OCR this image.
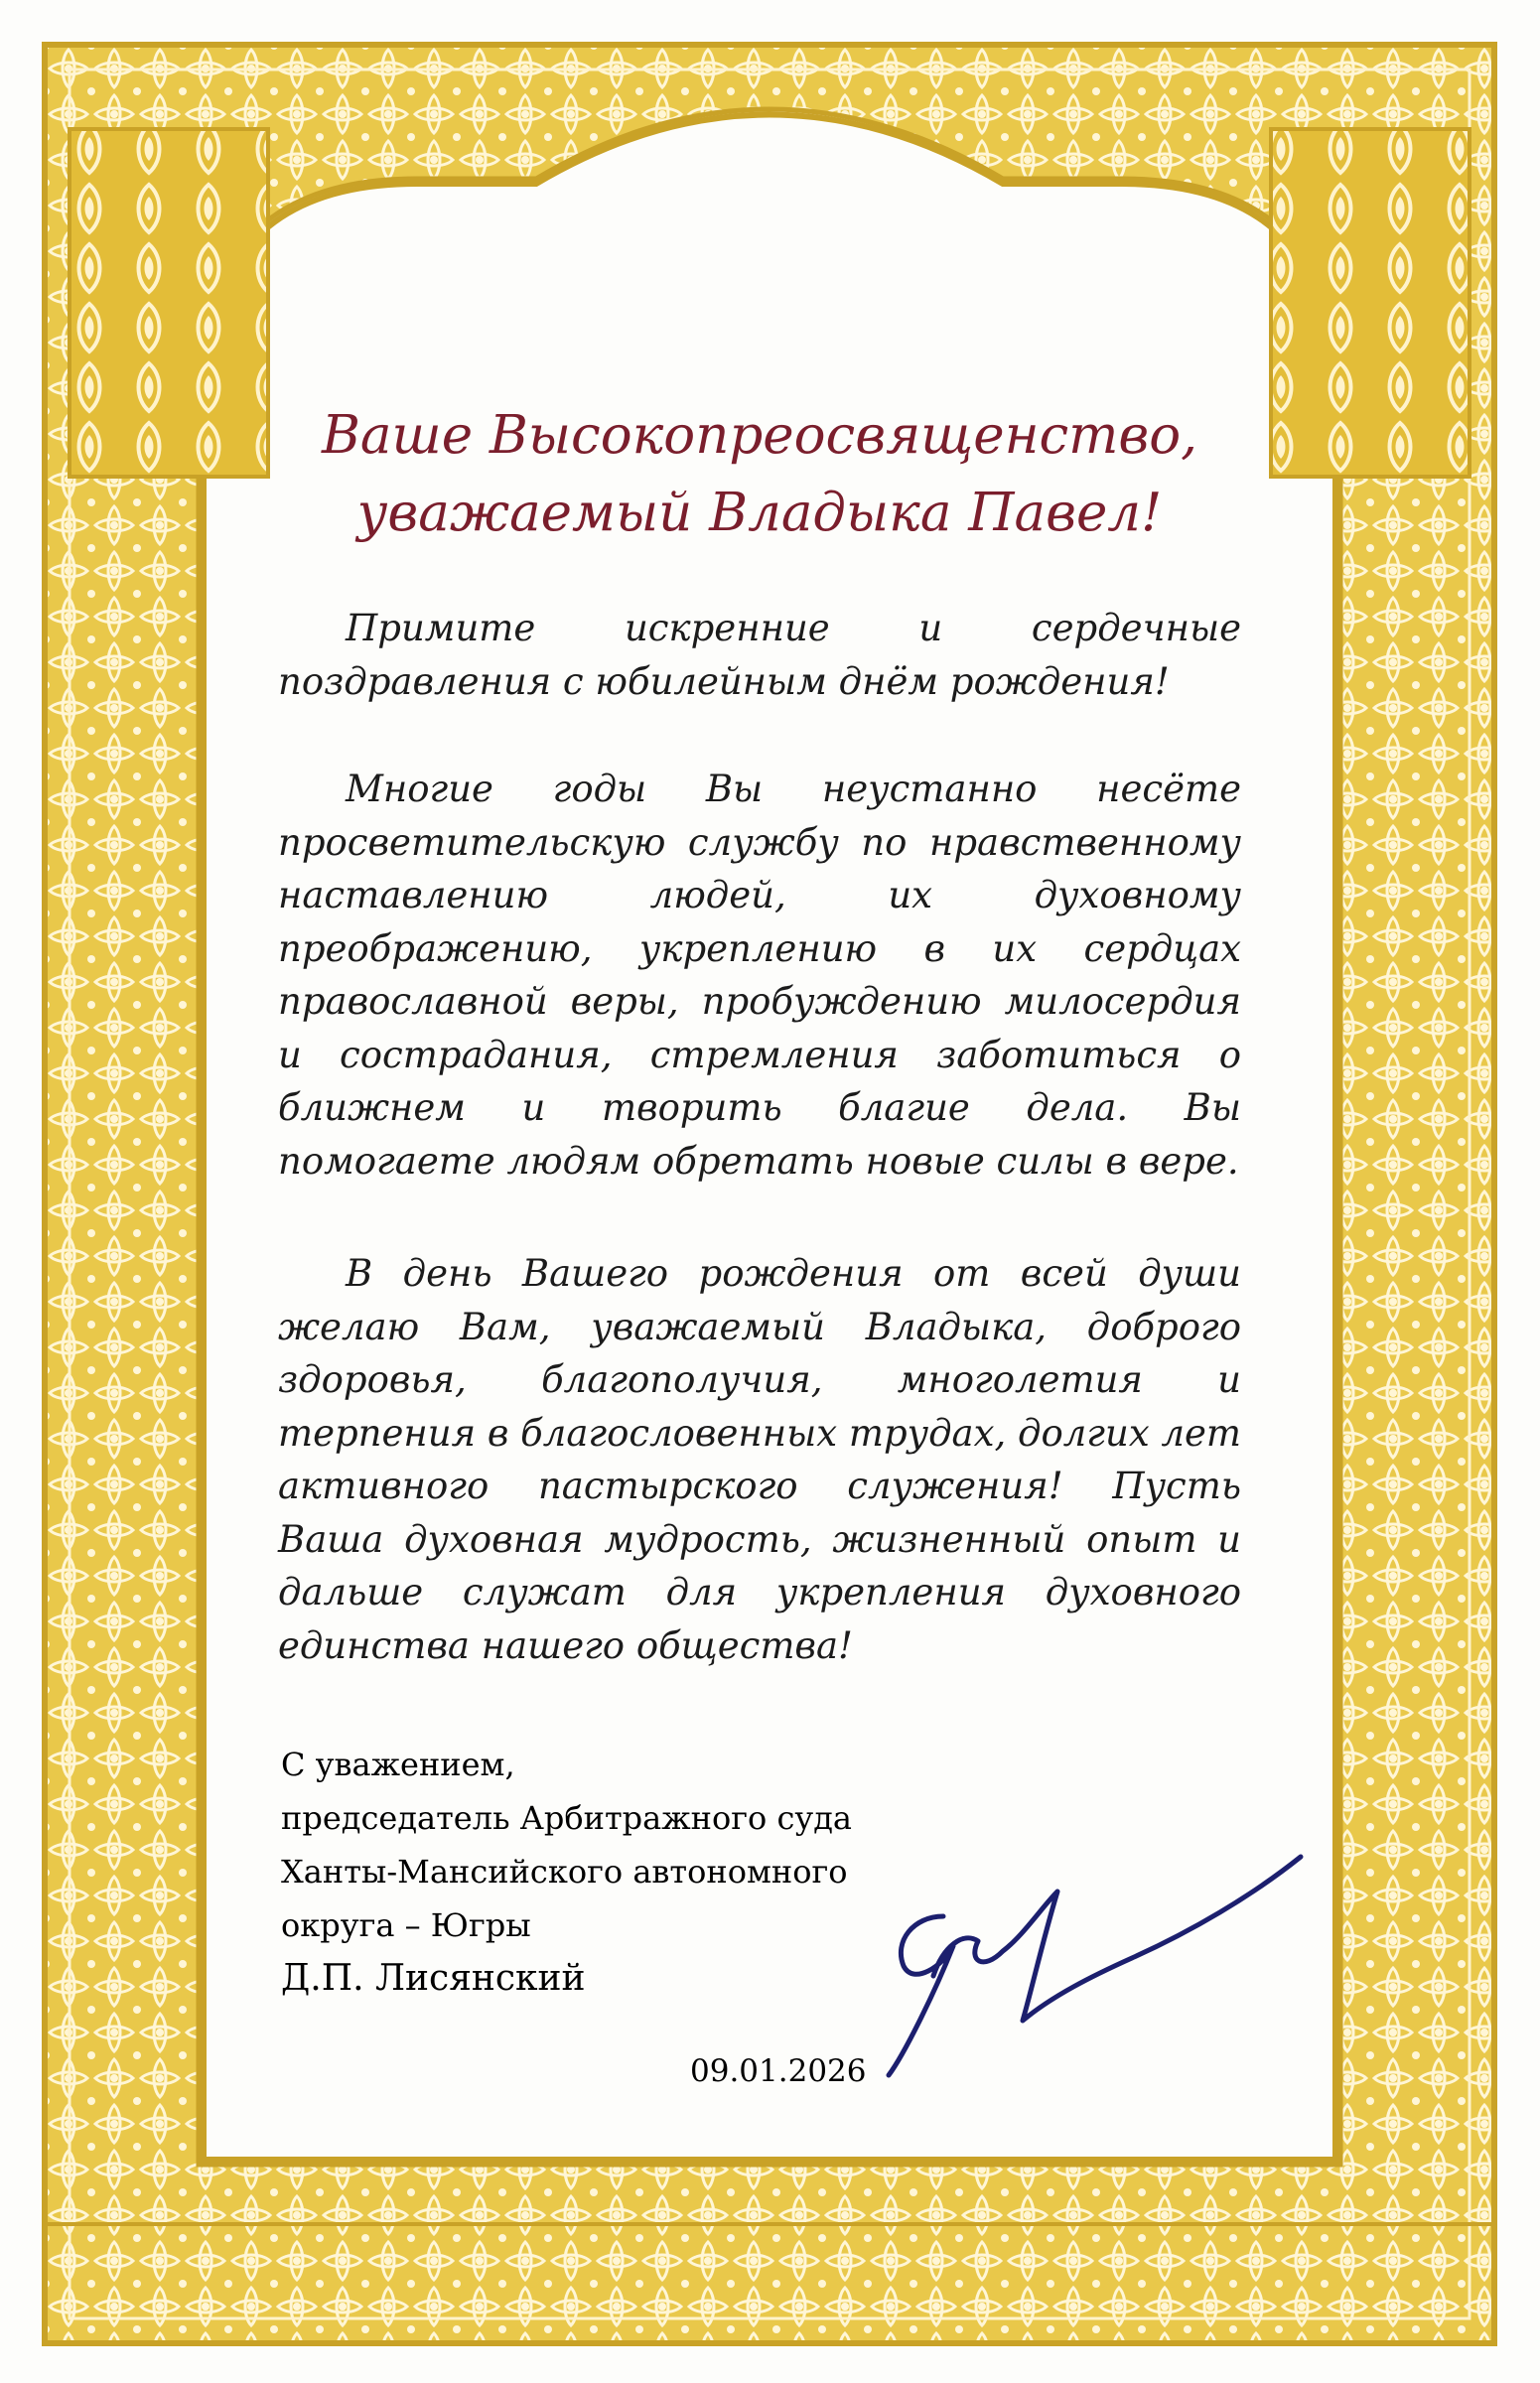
Ваше Высокопреосвященство,
уважаемый Владыка Павел!

Примите искренние и сердечные поздравления с юбилейным днём рождения!

Многие годы Вы неустанно несёте просветительскую службу по нравственному наставлению людей, их духовному преображению, укреплению в их сердцах православной веры, пробуждению милосердия и сострадания, стремления заботиться о ближнем и творить благие дела. Вы помогаете людям обретать новые силы в вере.

В день Вашего рождения от всей души желаю Вам, уважаемый Владыка, доброго здоровья, благополучия, многолетия и терпения в благословенных трудах, долгих лет активного пастырского служения! Пусть Ваша духовная мудрость, жизненный опыт и дальше служат для укрепления духовного единства нашего общества!

С уважением,
председатель Арбитражного суда
Ханты-Мансийского автономного
округа – Югры
Д.П. Лисянский
09.01.2026
